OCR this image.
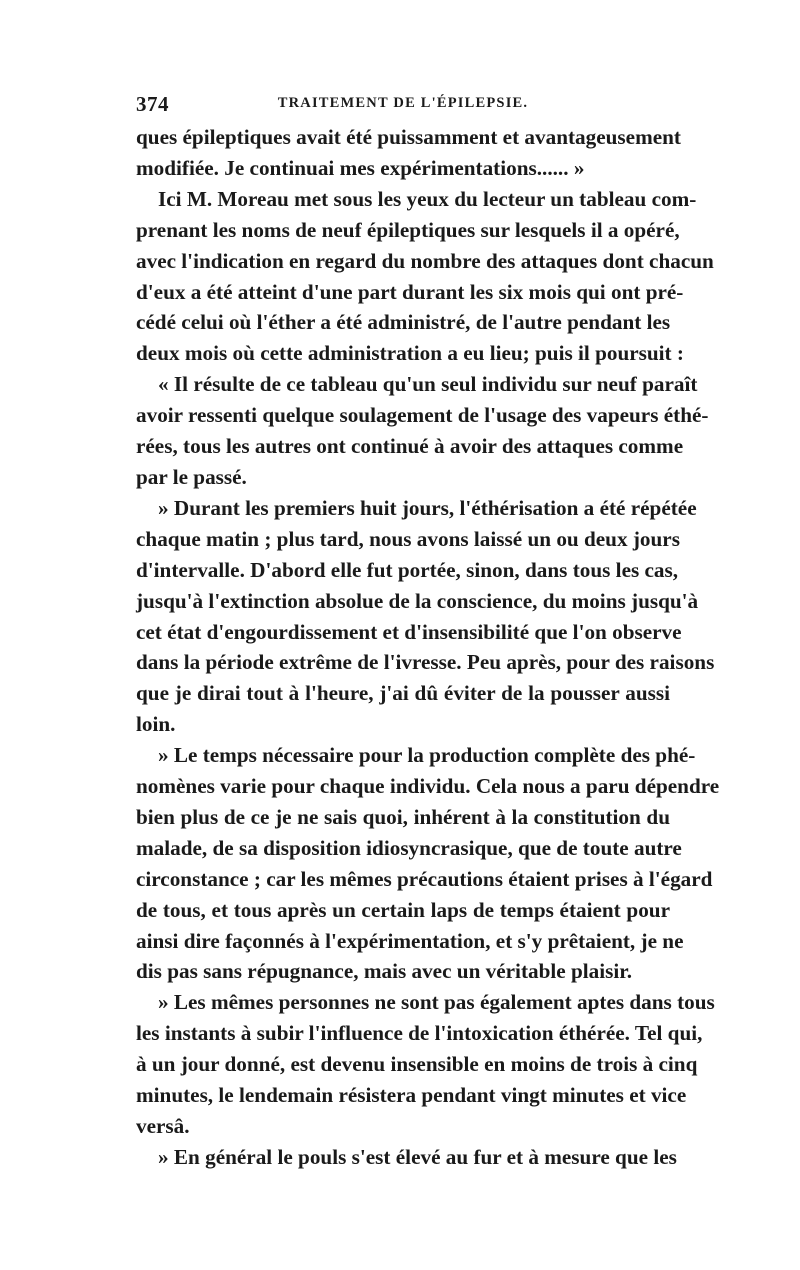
374	TRAITEMENT DE L'ÉPILEPSIE.
ques épileptiques avait été puissamment et avantageusement
modifiée. Je continuai mes expérimentations...... »
Ici M. Moreau met sous les yeux du lecteur un tableau com-
prenant les noms de neuf épileptiques sur lesquels il a opéré,
avec l'indication en regard du nombre des attaques dont chacun
d'eux a été atteint d'une part durant les six mois qui ont pré-
cédé celui où l'éther a été administré, de l'autre pendant les
deux mois où cette administration a eu lieu; puis il poursuit :
« Il résulte de ce tableau qu'un seul individu sur neuf paraît
avoir ressenti quelque soulagement de l'usage des vapeurs éthé-
rées, tous les autres ont continué à avoir des attaques comme
par le passé.
» Durant les premiers huit jours, l'éthérisation a été répétée
chaque matin ; plus tard, nous avons laissé un ou deux jours
d'intervalle. D'abord elle fut portée, sinon, dans tous les cas,
jusqu'à l'extinction absolue de la conscience, du moins jusqu'à
cet état d'engourdissement et d'insensibilité que l'on observe
dans la période extrême de l'ivresse. Peu après, pour des raisons
que je dirai tout à l'heure, j'ai dû éviter de la pousser aussi
loin.
» Le temps nécessaire pour la production complète des phé-
nomènes varie pour chaque individu. Cela nous a paru dépendre
bien plus de ce je ne sais quoi, inhérent à la constitution du
malade, de sa disposition idiosyncrasique, que de toute autre
circonstance ; car les mêmes précautions étaient prises à l'égard
de tous, et tous après un certain laps de temps étaient pour
ainsi dire façonnés à l'expérimentation, et s'y prêtaient, je ne
dis pas sans répugnance, mais avec un véritable plaisir.
» Les mêmes personnes ne sont pas également aptes dans tous
les instants à subir l'influence de l'intoxication éthérée. Tel qui,
à un jour donné, est devenu insensible en moins de trois à cinq
minutes, le lendemain résistera pendant vingt minutes et vice
versâ.
» En général le pouls s'est élevé au fur et à mesure que les
